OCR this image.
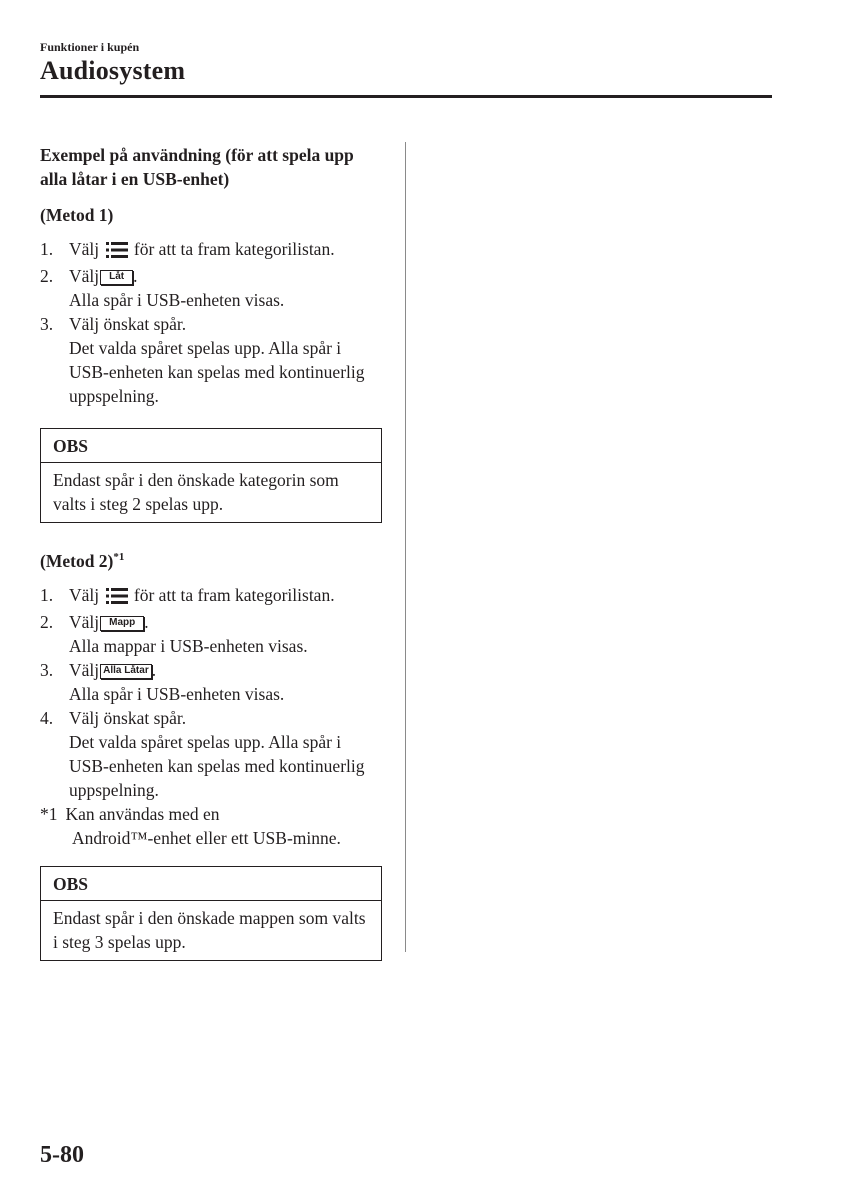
Funktioner i kupén
Audiosystem

Exempel på användning (för att spela upp alla låtar i en USB-enhet)

(Metod 1)

1. Välj för att ta fram kategorilistan.
2. Välj Låt .
Alla spår i USB-enheten visas.
3. Välj önskat spår.
Det valda spåret spelas upp. Alla spår i USB-enheten kan spelas med kontinuerlig uppspelning.
OBS
Endast spår i den önskade kategorin som valts i steg 2 spelas upp.

(Metod 2)$^{*1}$

1. Välj för att ta fram kategorilistan.
2. Välj Mapp .
Alla mappar i USB-enheten visas.
3. Välj Alla Låtar .
Alla spår i USB-enheten visas.
4. Välj önskat spår.
Det valda spåret spelas upp. Alla spår i USB-enheten kan spelas med kontinuerlig uppspelning.
*1 Kan användas med en
Android™-enhet eller ett USB-minne.
OBS
Endast spår i den önskade mappen som valts i steg 3 spelas upp.
5-80
